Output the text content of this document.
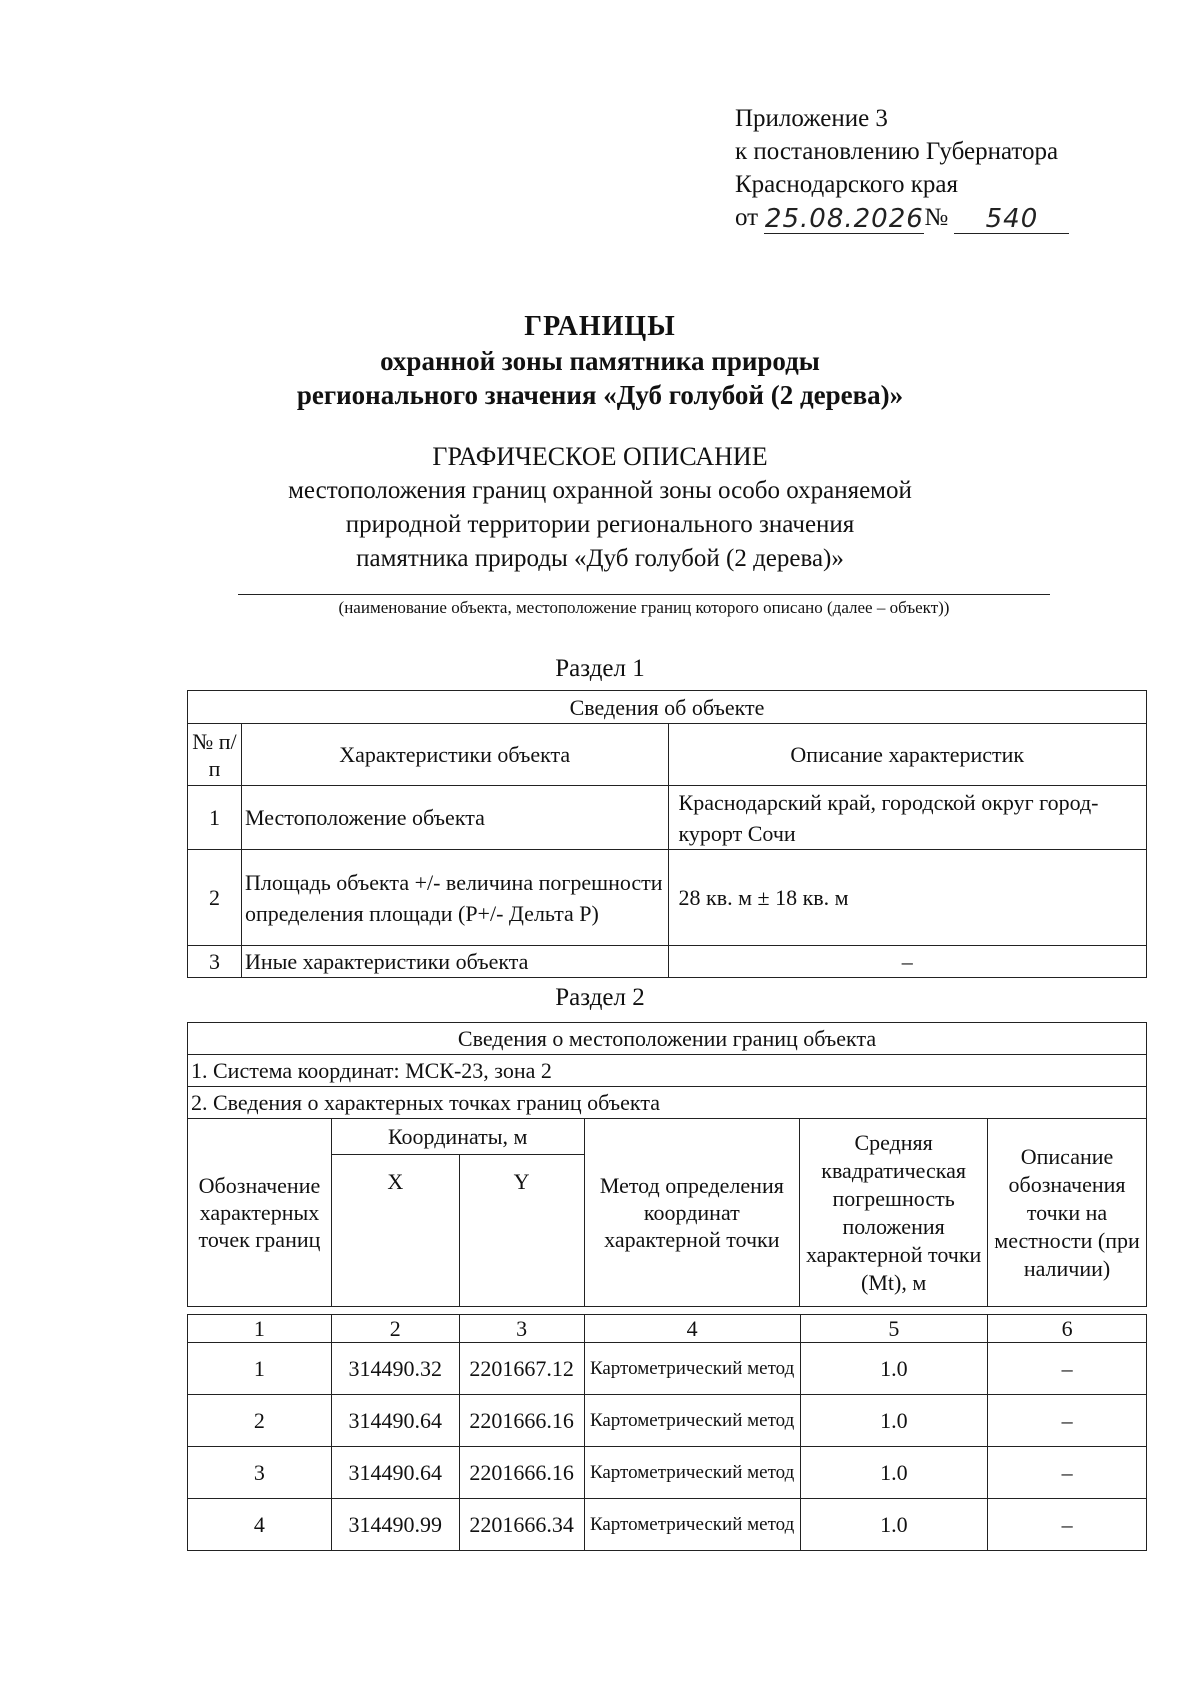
Приложение 3
к постановлению Губернатора
Краснодарского края
от 25.08.2026№ 540
ГРАНИЦЫ
охранной зоны памятника природы
регионального значения «Дуб голубой (2 дерева)»
ГРАФИЧЕСКОЕ ОПИСАНИЕ
местоположения границ охранной зоны особо охраняемой
природной территории регионального значения
памятника природы «Дуб голубой (2 дерева)»
(наименование объекта, местоположение границ которого описано (далее – объект))
Раздел 1
Сведения об объекте		
№ п/п	Характеристики объекта	Описание характеристик
1	Местоположение объекта	Краснодарский край, городской округ город-курорт Сочи
2	Площадь объекта +/- величина погрешности определения площади (Р+/- Дельта Р)	28 кв. м ± 18 кв. м
3	Иные характеристики объекта	–
Раздел 2
Сведения о местоположении границ объекта					
1. Система координат: МСК-23, зона 2					
2. Сведения о характерных точках границ объекта					
Обозначение характерных точек границ	Координаты, м		Метод определения координат характерной точки	Средняя квадратическая погрешность положения характерной точки (Mt), м	Описание обозначения точки на местности (при наличии)
	X	Y			
1	2	3	4	5	6
1	314490.32	2201667.12	Картометрический метод	1.0	–
2	314490.64	2201666.16	Картометрический метод	1.0	–
3	314490.64	2201666.16	Картометрический метод	1.0	–
4	314490.99	2201666.34	Картометрический метод	1.0	–
